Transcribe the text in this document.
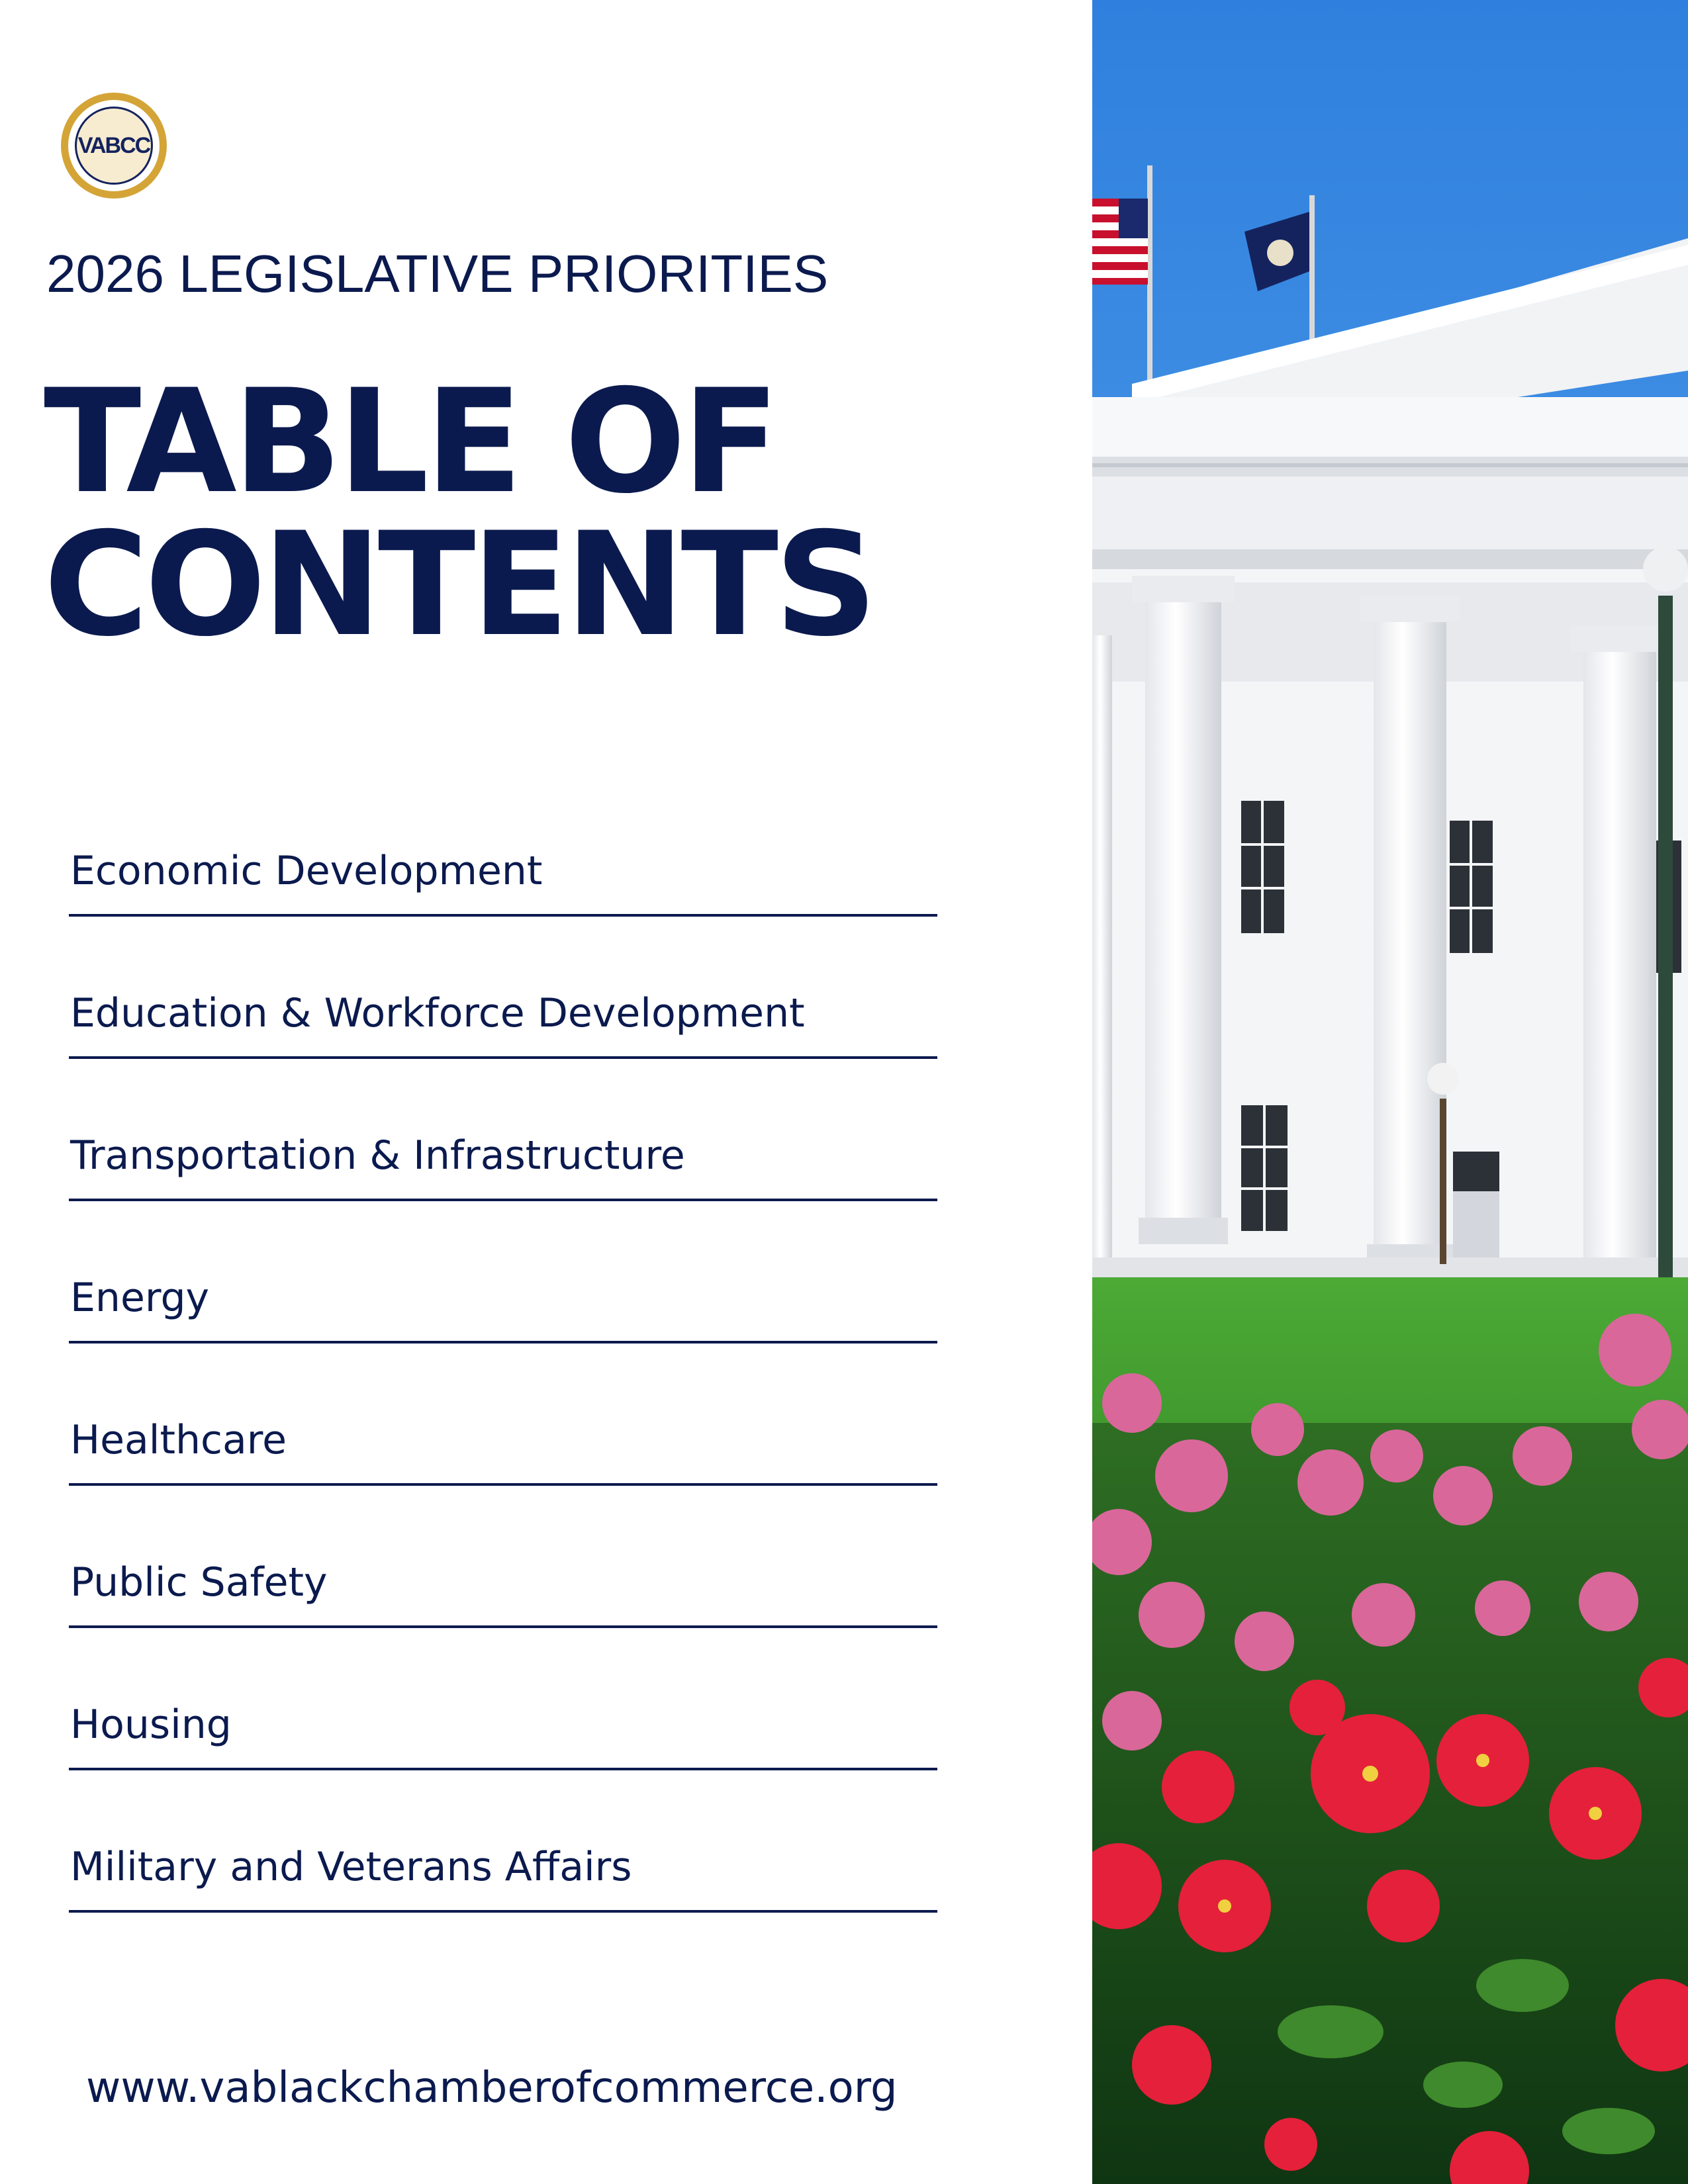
VABCC
2026 LEGISLATIVE PRIORITIES
TABLE OF
CONTENTS
Economic Development
Education & Workforce Development
Transportation & Infrastructure
Energy
Healthcare
Public Safety
Housing
Military and Veterans Affairs
www.vablackchamberofcommerce.org
